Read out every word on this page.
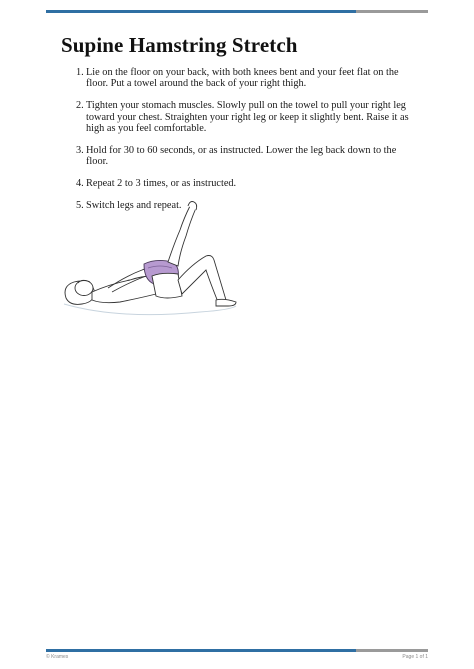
Supine Hamstring Stretch
1. Lie on the floor on your back, with both knees bent and your feet flat on the floor. Put a towel around the back of your right thigh.
2. Tighten your stomach muscles. Slowly pull on the towel to pull your right leg toward your chest. Straighten your right leg or keep it slightly bent. Raise it as high as you feel comfortable.
3. Hold for 30 to 60 seconds, or as instructed. Lower the leg back down to the floor.
4. Repeat 2 to 3 times, or as instructed.
5. Switch legs and repeat.
© Krames	Page 1 of 1
